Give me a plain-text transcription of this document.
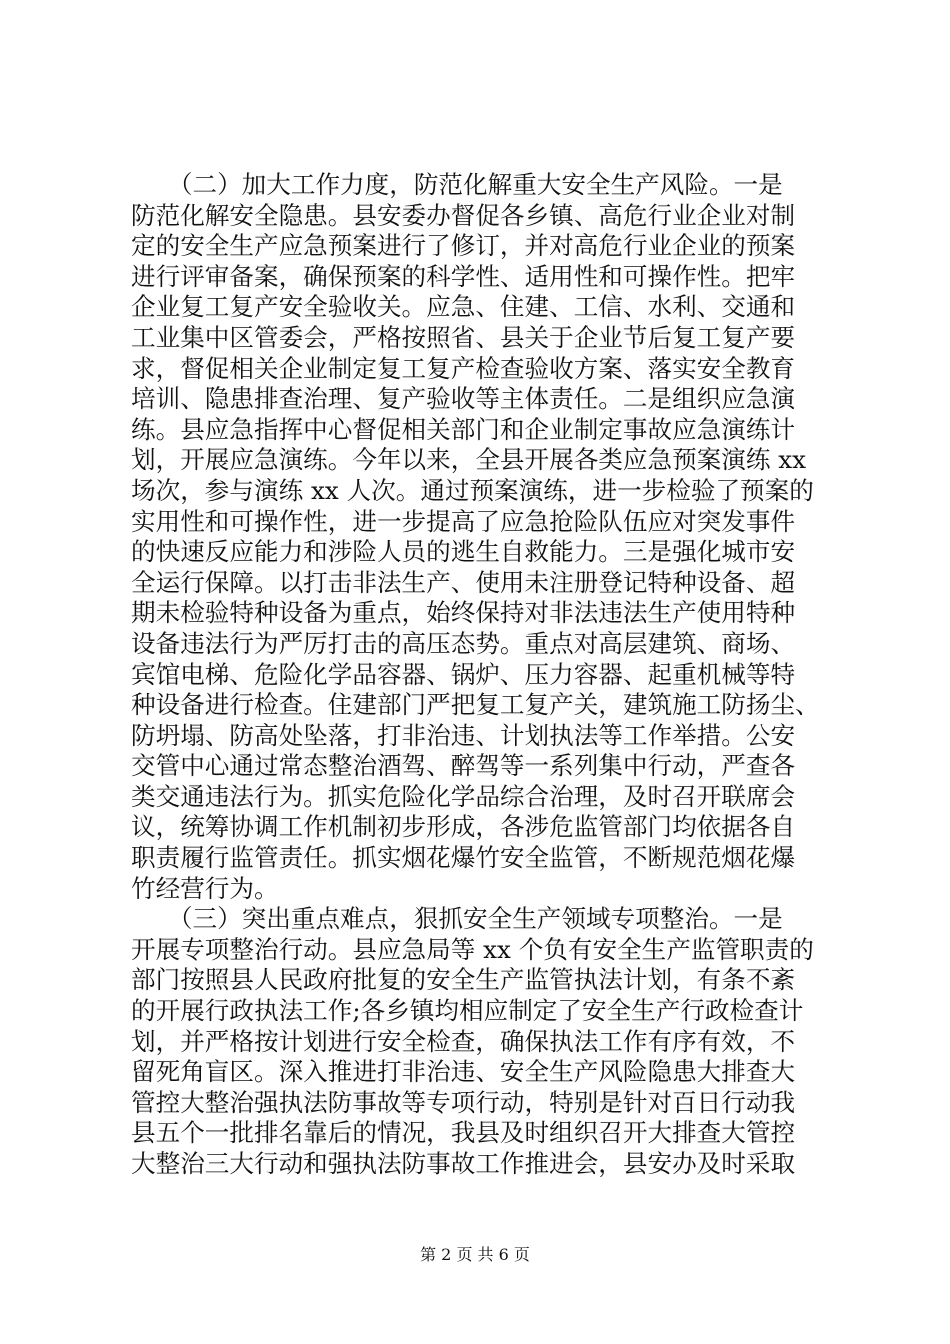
　　（二）加大工作力度，防范化解重大安全生产风险。一是
防范化解安全隐患。县安委办督促各乡镇、高危行业企业对制
定的安全生产应急预案进行了修订，并对高危行业企业的预案
进行评审备案，确保预案的科学性、适用性和可操作性。把牢
企业复工复产安全验收关。应急、住建、工信、水利、交通和
工业集中区管委会，严格按照省、县关于企业节后复工复产要
求，督促相关企业制定复工复产检查验收方案、落实安全教育
培训、隐患排查治理、复产验收等主体责任。二是组织应急演
练。县应急指挥中心督促相关部门和企业制定事故应急演练计
划，开展应急演练。今年以来，全县开展各类应急预案演练 xx
场次，参与演练 xx 人次。通过预案演练，进一步检验了预案的
实用性和可操作性，进一步提高了应急抢险队伍应对突发事件
的快速反应能力和涉险人员的逃生自救能力。三是强化城市安
全运行保障。以打击非法生产、使用未注册登记特种设备、超
期未检验特种设备为重点，始终保持对非法违法生产使用特种
设备违法行为严厉打击的高压态势。重点对高层建筑、商场、
宾馆电梯、危险化学品容器、锅炉、压力容器、起重机械等特
种设备进行检查。住建部门严把复工复产关，建筑施工防扬尘、
防坍塌、防高处坠落，打非治违、计划执法等工作举措。公安
交管中心通过常态整治酒驾、醉驾等一系列集中行动，严查各
类交通违法行为。抓实危险化学品综合治理，及时召开联席会
议，统筹协调工作机制初步形成，各涉危监管部门均依据各自
职责履行监管责任。抓实烟花爆竹安全监管，不断规范烟花爆
竹经营行为。
　　（三）突出重点难点，狠抓安全生产领域专项整治。一是
开展专项整治行动。县应急局等 xx 个负有安全生产监管职责的
部门按照县人民政府批复的安全生产监管执法计划，有条不紊
的开展行政执法工作;各乡镇均相应制定了安全生产行政检查计
划，并严格按计划进行安全检查，确保执法工作有序有效，不
留死角盲区。深入推进打非治违、安全生产风险隐患大排查大
管控大整治强执法防事故等专项行动，特别是针对百日行动我
县五个一批排名靠后的情况，我县及时组织召开大排查大管控
大整治三大行动和强执法防事故工作推进会，县安办及时采取
第 2 页 共 6 页
